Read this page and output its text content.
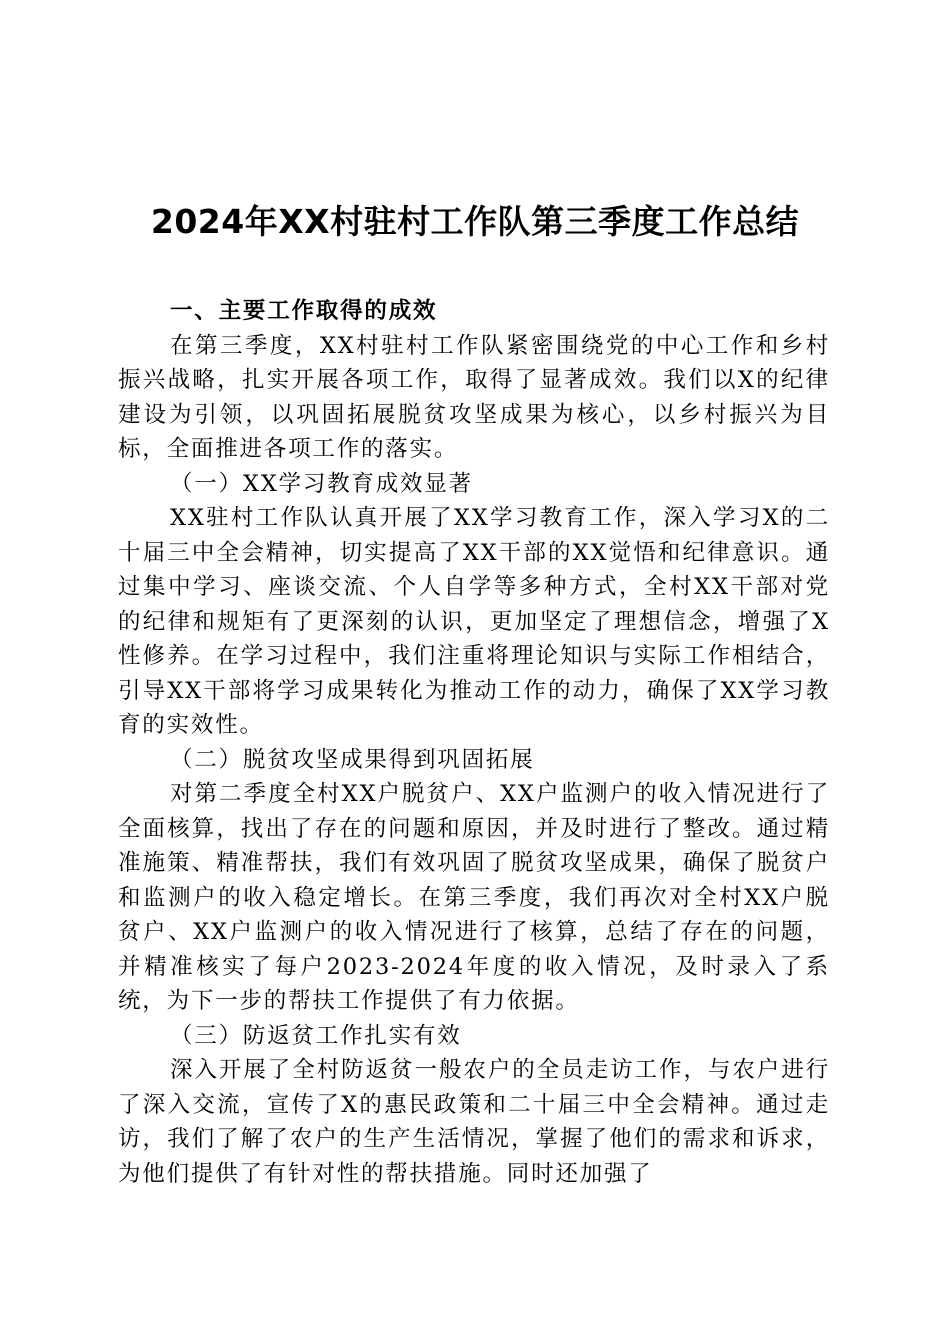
2024年XX村驻村工作队第三季度工作总结

一、主要工作取得的成效

在第三季度，XX村驻村工作队紧密围绕党的中心工作和乡村振兴战略，扎实开展各项工作，取得了显著成效。我们以X的纪律建设为引领，以巩固拓展脱贫攻坚成果为核心，以乡村振兴为目标，全面推进各项工作的落实。

（一）XX学习教育成效显著

XX驻村工作队认真开展了XX学习教育工作，深入学习X的二十届三中全会精神，切实提高了XX干部的XX觉悟和纪律意识。通过集中学习、座谈交流、个人自学等多种方式，全村XX干部对党的纪律和规矩有了更深刻的认识，更加坚定了理想信念，增强了X性修养。在学习过程中，我们注重将理论知识与实际工作相结合，引导XX干部将学习成果转化为推动工作的动力，确保了XX学习教育的实效性。

（二）脱贫攻坚成果得到巩固拓展

对第二季度全村XX户脱贫户、XX户监测户的收入情况进行了全面核算，找出了存在的问题和原因，并及时进行了整改。通过精准施策、精准帮扶，我们有效巩固了脱贫攻坚成果，确保了脱贫户和监测户的收入稳定增长。在第三季度，我们再次对全村XX户脱贫户、XX户监测户的收入情况进行了核算，总结了存在的问题，并精准核实了每户2023-2024年度的收入情况，及时录入了系统，为下一步的帮扶工作提供了有力依据。

（三）防返贫工作扎实有效

深入开展了全村防返贫一般农户的全员走访工作，与农户进行了深入交流，宣传了X的惠民政策和二十届三中全会精神。通过走访，我们了解了农户的生产生活情况，掌握了他们的需求和诉求，为他们提供了有针对性的帮扶措施。同时还加强了
